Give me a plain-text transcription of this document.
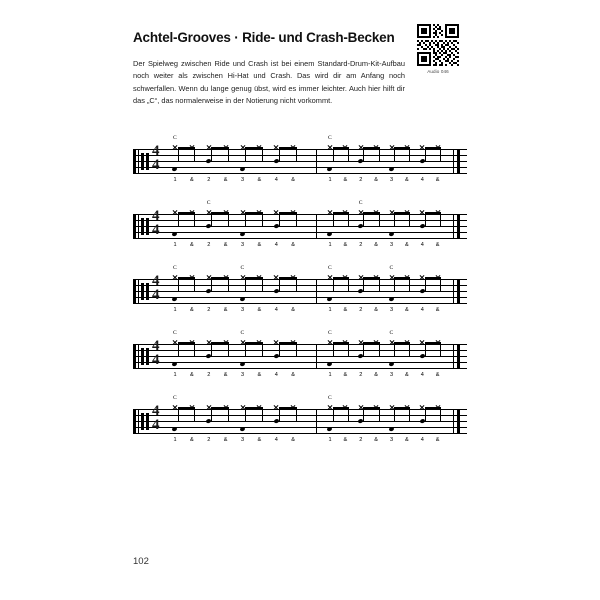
Achtel-Grooves · Ride- und Crash-Becken
Der Spielweg zwischen Ride und Crash ist bei einem Standard-Drum-Kit-Aufbau noch weiter als zwischen Hi-Hat und Crash. Das wird dir am Anfang noch schwerfallen. Wenn du lange genug übst, wird es immer leichter. Auch hier hilft dir das „C“, das normalerweise in der Notierung nicht vorkommt.
Audio 046
4
4
C	C
1	&	2	&	3	&	4	&	1	&	2	&	3	&	4	&
4
4
C	C
1	&	2	&	3	&	4	&	1	&	2	&	3	&	4	&
4
4
C	C	C	C
1	&	2	&	3	&	4	&	1	&	2	&	3	&	4	&
4
4
C	C	C	C
1	&	2	&	3	&	4	&	1	&	2	&	3	&	4	&
4
4
C	C
1	&	2	&	3	&	4	&	1	&	2	&	3	&	4	&
102
